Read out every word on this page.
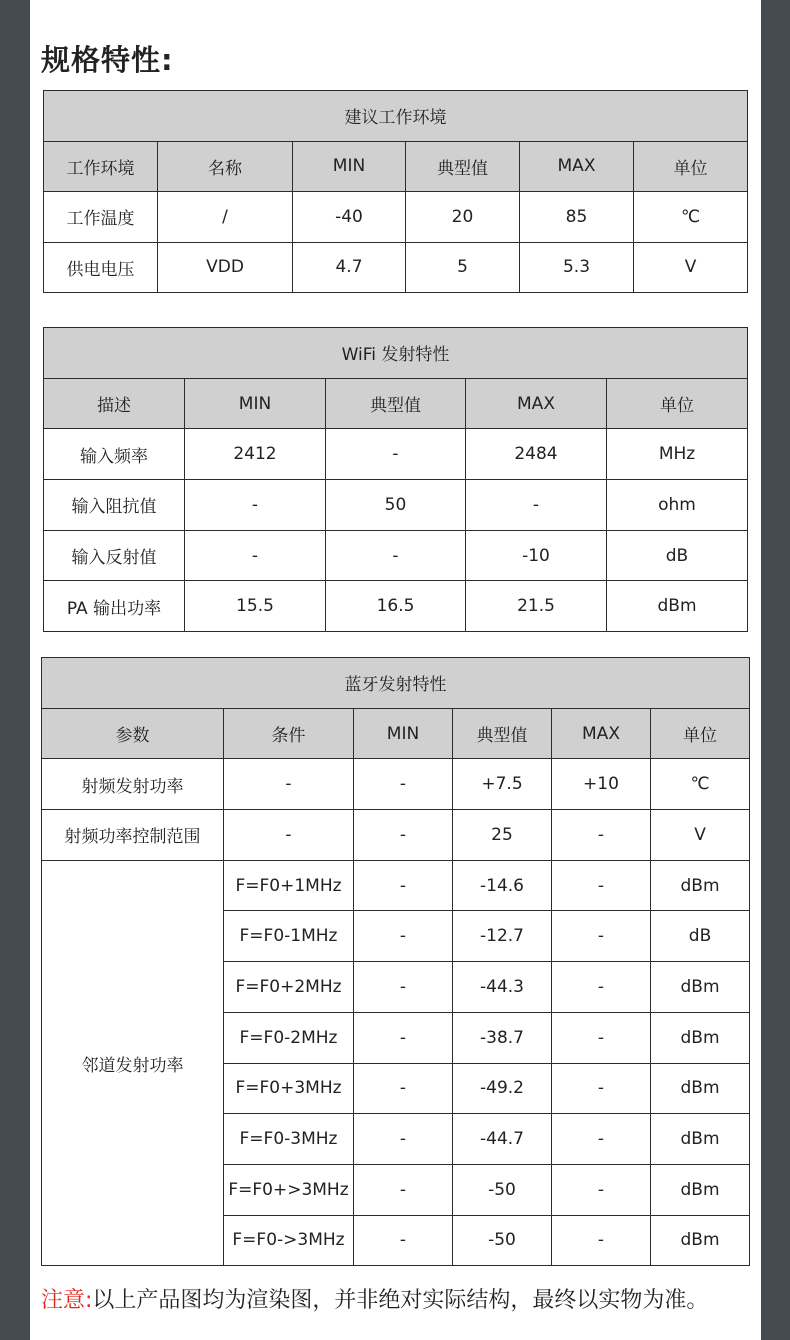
规格特性:
建议工作环境					
工作环境	名称	MIN	典型值	MAX	单位
工作温度	/	-40	20	85	℃
供电电压	VDD	4.7	5	5.3	V
WiFi 发射特性				
描述	MIN	典型值	MAX	单位
输入频率	2412	-	2484	MHz
输入阻抗值	-	50	-	ohm
输入反射值	-	-	-10	dB
PA 输出功率	15.5	16.5	21.5	dBm
蓝牙发射特性					
参数	条件	MIN	典型值	MAX	单位
射频发射功率	-	-	+7.5	+10	℃
射频功率控制范围	-	-	25	-	V
邻道发射功率	F=F0+1MHz	-	-14.6	-	dBm
	F=F0-1MHz	-	-12.7	-	dB
	F=F0+2MHz	-	-44.3	-	dBm
	F=F0-2MHz	-	-38.7	-	dBm
	F=F0+3MHz	-	-49.2	-	dBm
	F=F0-3MHz	-	-44.7	-	dBm
	F=F0+>3MHz	-	-50	-	dBm
	F=F0->3MHz	-	-50	-	dBm
注意:以上产品图均为渲染图，并非绝对实际结构，最终以实物为准。
